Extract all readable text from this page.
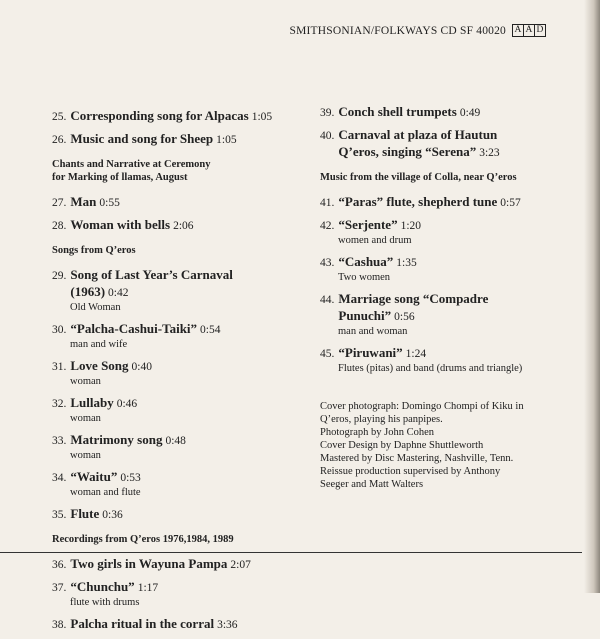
SMITHSONIAN/FOLKWAYS CD SF 40020 A A D
25. Corresponding song for Alpacas 1:05
26. Music and song for Sheep 1:05
Chants and Narrative at Ceremony
for Marking of llamas, August
27. Man 0:55
28. Woman with bells 2:06
Songs from Q’eros
29. Song of Last Year’s Carnaval
(1963) 0:42
Old Woman
30. “Palcha-Cashui-Taiki” 0:54
man and wife
31. Love Song 0:40
woman
32. Lullaby 0:46
woman
33. Matrimony song 0:48
woman
34. “Waitu” 0:53
woman and flute
35. Flute 0:36
Recordings from Q’eros 1976,1984, 1989
36. Two girls in Wayuna Pampa 2:07
37. “Chunchu” 1:17
flute with drums
38. Palcha ritual in the corral 3:36
39. Conch shell trumpets 0:49
40. Carnaval at plaza of Hautun
Q’eros, singing “Serena” 3:23
Music from the village of Colla, near Q’eros
41. “Paras” flute, shepherd tune 0:57
42. “Serjente” 1:20
women and drum
43. “Cashua” 1:35
Two women
44. Marriage song “Compadre
Punuchi” 0:56
man and woman
45. “Piruwani” 1:24
Flutes (pitas) and band (drums and triangle)
Cover photograph: Domingo Chompi of Kiku in
Q’eros, playing his panpipes.
Photograph by John Cohen
Cover Design by Daphne Shuttleworth
Mastered by Disc Mastering, Nashville, Tenn.
Reissue production supervised by Anthony
Seeger and Matt Walters
